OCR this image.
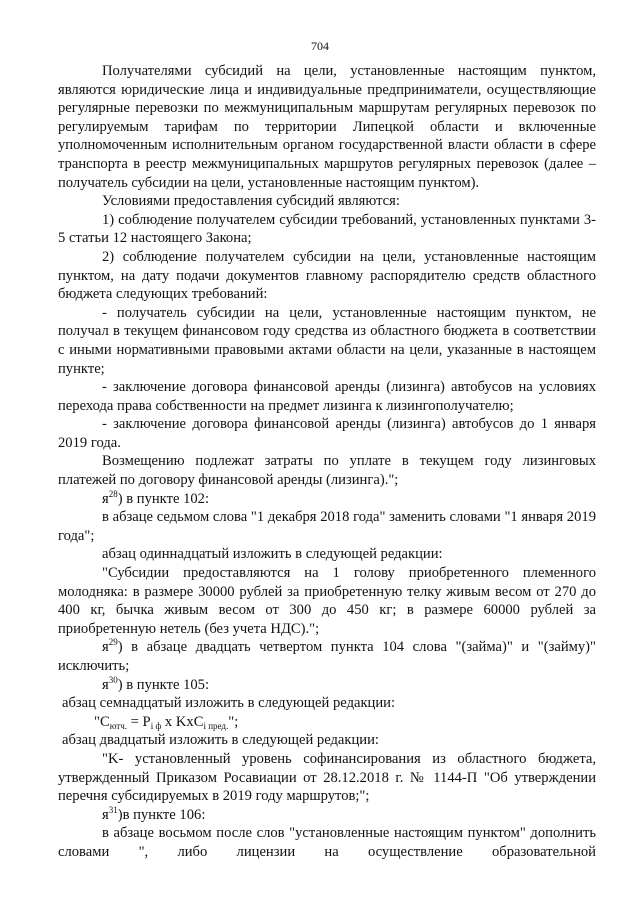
704

Получателями субсидий на цели, установленные настоящим пунктом, являются юридические лица и индивидуальные предприниматели, осуществляющие регулярные перевозки по межмуниципальным маршрутам регулярных перевозок по регулируемым тарифам по территории Липецкой области и включенные уполномоченным исполнительным органом государственной власти области в сфере транспорта в реестр межмуниципальных маршрутов регулярных перевозок (далее – получатель субсидии на цели, установленные настоящим пунктом).

Условиями предоставления субсидий являются:

1) соблюдение получателем субсидии требований, установленных пунктами 3-5 статьи 12 настоящего Закона;

2) соблюдение получателем субсидии на цели, установленные настоящим пунктом, на дату подачи документов главному распорядителю средств областного бюджета следующих требований:

- получатель субсидии на цели, установленные настоящим пунктом, не получал в текущем финансовом году средства из областного бюджета в соответствии с иными нормативными правовыми актами области на цели, указанные в настоящем пункте;

- заключение договора финансовой аренды (лизинга) автобусов на условиях перехода права собственности на предмет лизинга к лизингополучателю;

- заключение договора финансовой аренды (лизинга) автобусов до 1 января 2019 года.

Возмещению подлежат затраты по уплате в текущем году лизинговых платежей по договору финансовой аренды (лизинга).";

$я^{28}$) в пункте 102:

в абзаце седьмом слова "1 декабря 2018 года" заменить словами "1 января 2019 года";

абзац одиннадцатый изложить в следующей редакции:

"Субсидии предоставляются на 1 голову приобретенного племенного молодняка: в размере 30000 рублей за приобретенную телку живым весом от 270 до 400 кг, бычка живым весом от 300 до 450 кг; в размере 60000 рублей за приобретенную нетель (без учета НДС).";

$я^{29}$) в абзаце двадцать четвертом пункта 104 слова "(займа)" и "(займу)" исключить;

$я^{30}$) в пункте 105:

абзац семнадцатый изложить в следующей редакции:

"$C_{ютч.} = P_{i ф}$ x KxC$_{i пред.}$";

абзац двадцатый изложить в следующей редакции:

"K- установленный уровень софинансирования из областного бюджета, утвержденный Приказом Росавиации от 28.12.2018 г. № 1144-П "Об утверждении перечня субсидируемых в 2019 году маршрутов;";

$я^{31})в$ пункте 106:

в абзаце восьмом после слов "установленные настоящим пунктом" дополнить словами ", либо лицензии на осуществление образовательной
